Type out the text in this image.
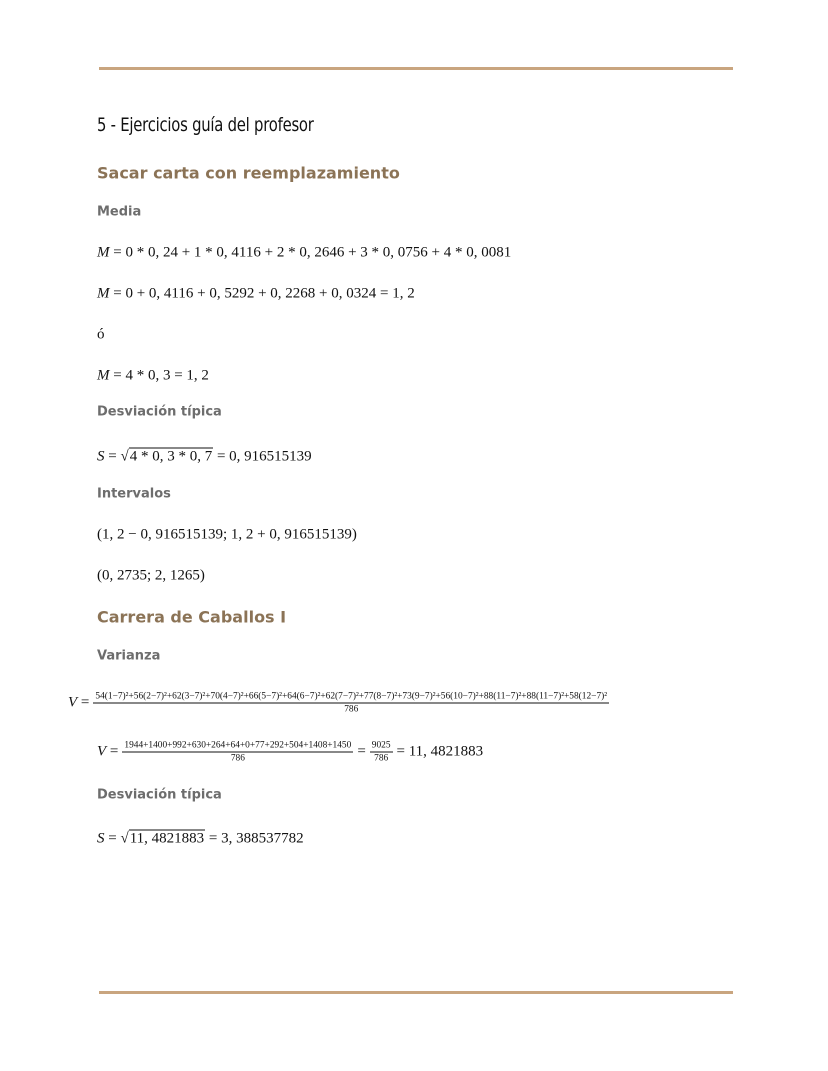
5 - Ejercicios guía del profesor
Sacar carta con reemplazamiento
Media
M = 0 * 0, 24 + 1 * 0, 4116 + 2 * 0, 2646 + 3 * 0, 0756 + 4 * 0, 0081
M = 0 + 0, 4116 + 0, 5292 + 0, 2268 + 0, 0324 = 1, 2
ó
M = 4 * 0, 3 = 1, 2
Desviación típica
S = √4 * 0, 3 * 0, 7 = 0, 916515139
Intervalos
(1, 2 − 0, 916515139; 1, 2 + 0, 916515139)
(0, 2735; 2, 1265)
Carrera de Caballos I
Varianza
V = 54(1−7)²+56(2−7)²+62(3−7)²+70(4−7)²+66(5−7)²+64(6−7)²+62(7−7)²+77(8−7)²+73(9−7)²+56(10−7)²+88(11−7)²+88(11−7)²+58(12−7)²
786
$V = \frac{1944+1400+992+630+264+64+0+77+292+504+1408+1450}{786} = \frac{9025}{786} = 11$, 4821883
Desviación típica
S = √11, 4821883 = 3, 388537782
